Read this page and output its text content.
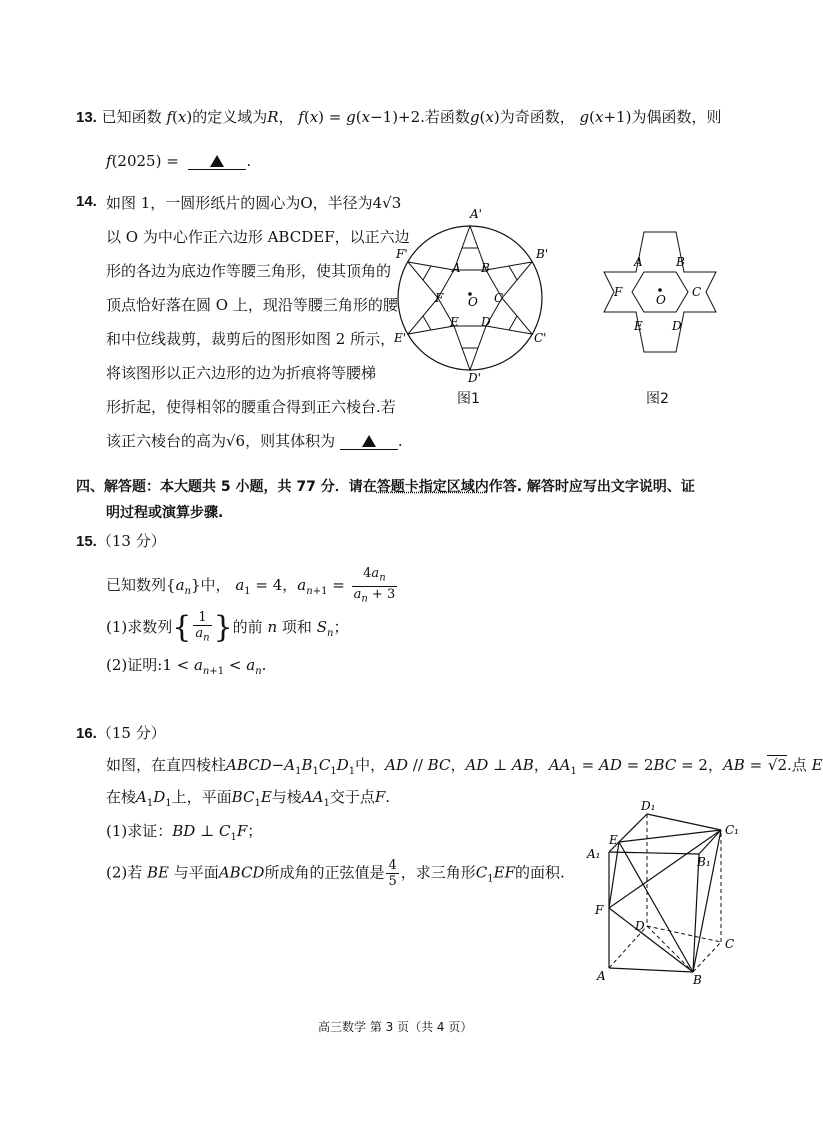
13. 已知函数 f(x)的定义域为R， f(x) = g(x−1)+2.若函数g(x)为奇函数， g(x+1)为偶函数，则
f(2025) =	.
14. 如图 1，一圆形纸片的圆心为O，半径为4√3
以 O 为中心作正六边形 ABCDEF，以正六边
形的各边为底边作等腰三角形，使其顶角的
顶点恰好落在圆 O 上，现沿等腰三角形的腰
和中位线裁剪，裁剪后的图形如图 2 所示，
将该图形以正六边形的边为折痕将等腰梯
形折起，使得相邻的腰重合得到正六棱台.若
该正六棱台的高为√6，则其体积为	.
A'
B'
C'
D'
E'
F'
A B
C
D
E
F O
图1
A	B
C
D
E
F
O
图2
四、解答题：本大题共 5 小题，共 77 分．请在答题卡指定区域内作答. 解答时应写出文字说明、证
明过程或演算步骤.
15.（13 分）
已知数列$\{a_n\}$中， $a_1 = 4$，$a_{n+1} = \frac{4a_n}{a_n + 3}$
(1)求数列{ $\frac{1}{a_n}$ }的前 n 项和 $S_n$；
(2)证明:1 < $a_{n+1} < a_n$.
16.（15 分）
如图，在直四棱柱$ABCD-A_1B_1C_1D_1$中，AD // BC，AD ⊥ AB，$AA_1$ = AD = 2BC = 2，AB = √2.点 E
在棱$A_1D_1$上，平面$BC_1E$与棱$AA_1$交于点F.
(1)求证：BD ⊥ $C_1F$；
(2)若 BE 与平面ABCD所成角的正弦值是 $\frac{4}{5}$ ，求三角形$C_1EF$的面积.
D₁
C₁
E
A₁
B₁
F
D
C
A	B
高三数学 第 3 页（共 4 页）
